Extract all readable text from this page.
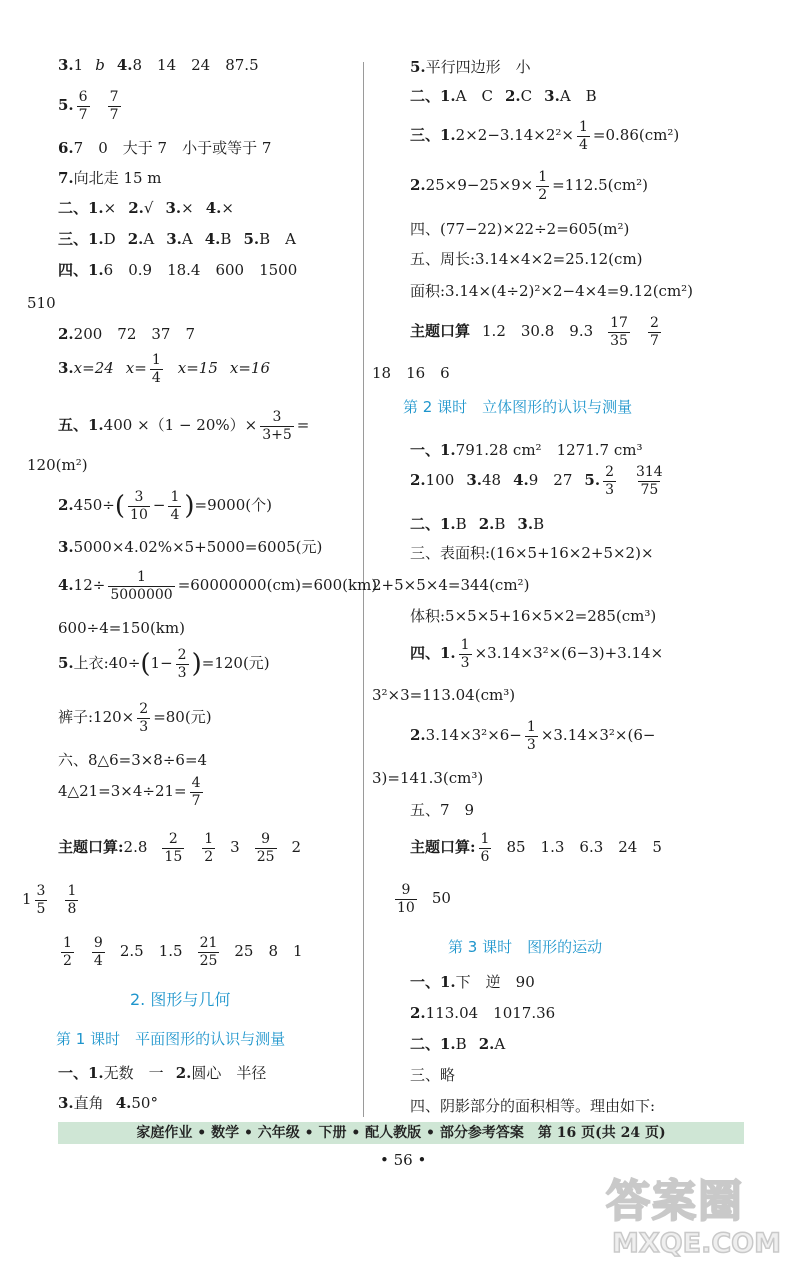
3.1 b 4.8　14　24　87.5
5. $\frac{6}{7} \frac{7}{7}$
6.7　0　大于 7　小于或等于 7
7.向北走 15 m
二、1.× 2.√ 3.× 4.×
三、1.D 2.A 3.A 4.B 5.B　A
四、1.6　0.9　18.4　600　1500
510
2.200　72　37　7
3.x=24 $x= \frac{1}{4} x=15$ x=16
五、$1.400 \times(1 - 20\%)\times \frac{3}{3+5}$ =
120(m²)
$2.450\div( \frac{3}{10} - \frac{1}{4} )=9000$(个)
3.5000×4.02%×5+5000=6005(元)
$4.12\div \frac{1}{5000000} =60000000(cm)=600(km)$
600÷4=150(km)
5.上衣:40÷(1− $\frac{2}{3} )=120$(元)
裤子:120× $\frac{2}{3} =80$(元)
六、8△6=3×8÷6=4
4△21=3×4÷21= $\frac{4}{7}$
主题口算:2.8 $\frac{2}{15} \frac{1}{2} 3 \frac{9}{25} 2$
$1 \frac{3}{5} \frac{1}{8}$
$\frac{1}{2} \frac{9}{4} 2.5$　$1.5 \frac{21}{25} 25$　8　1
2. 图形与几何
第 1 课时　平面图形的认识与测量
一、1.无数　一 2.圆心　半径
3.直角 4.50°
5.平行四边形　小
二、1.A　C 2.C 3.A　B
三、$1.2\times 2-3.14\times 2^2\times \frac{1}{4} =0.86(cm^2)$
$2.25\times 9-25\times 9\times \frac{1}{2} =112.5(cm^2)$
四、(77−22)×22÷2=605(m²)
五、周长:3.14×4×2=25.12(cm)
面积:3.14×(4÷2)²×2−4×4=9.12(cm²)
主题口算 1.2　30.8　$9.3 \frac{17}{35} \frac{2}{7}$
18　16　6
第 2 课时　立体图形的认识与测量
一、1.791.28 cm²　1271.7 cm³
2.100 3.48 4.9　27 5. $\frac{2}{3} \frac{314}{75}$
二、1.B 2.B 3.B
三、表面积:(16×5+16×2+5×2)×
2+5×5×4=344(cm²)
体积:5×5×5+16×5×2=285(cm³)
四、1. $\frac{1}{3} \times 3.14\times 3^2\times(6-3)+3.14\times$
3²×3=113.04(cm³)
$2.3.14\times 3^2\times 6- \frac{1}{3} \times 3.14\times 3^2\times(6-$
3)=141.3(cm³)
五、7　9
主题口算: $\frac{1}{6} 85$　1.3　6.3　24　5
$\frac{9}{10} 50$
第 3 课时　图形的运动
一、1.下　逆　90
2.113.04　1017.36
二、1.B 2.A
三、略
四、阴影部分的面积相等。理由如下:
家庭作业 • 数学 • 六年级 • 下册 • 配人教版 • 部分参考答案　第 16 页(共 24 页)
• 56 •
答案圈
MXQE.COM
